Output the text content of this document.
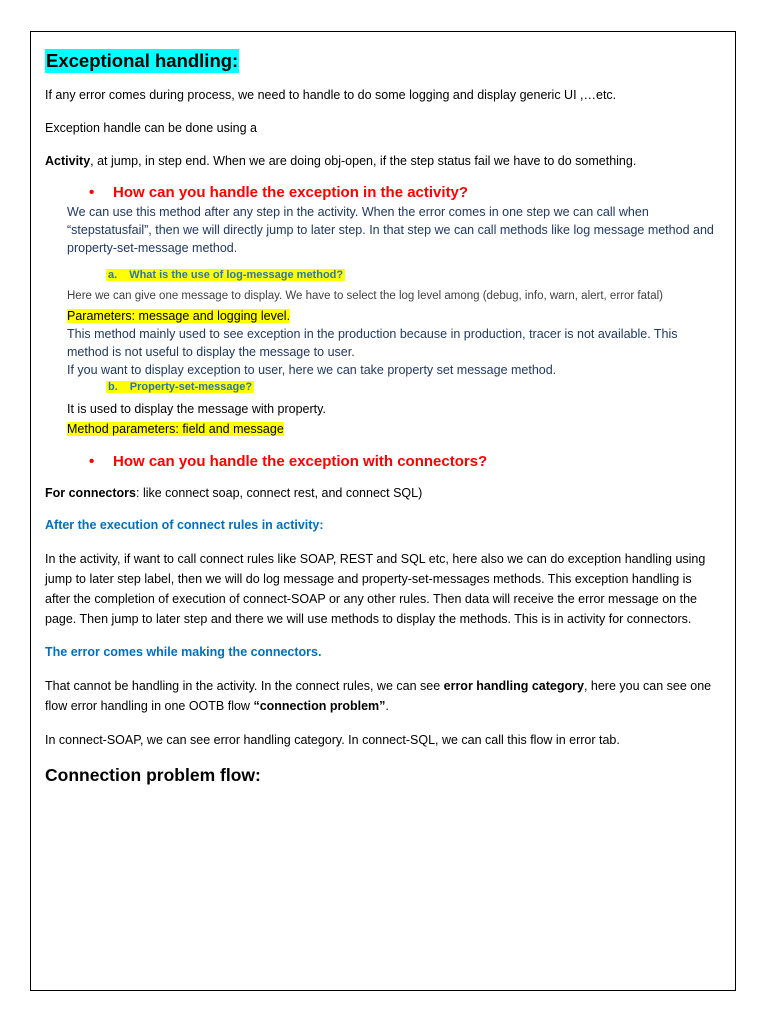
Exceptional handling:

If any error comes during process, we need to handle to do some logging and display generic UI ,…etc.

Exception handle can be done using a

Activity, at jump, in step end. When we are doing obj-open, if the step status fail we have to do something.

•	How can you handle the exception in the activity?

We can use this method after any step in the activity. When the error comes in one step we can call when “stepstatusfail”, then we will directly jump to later step. In that step we can call methods like log message method and property-set-message method.

a. What is the use of log-message method?

Here we can give one message to display. We have to select the log level among (debug, info, warn, alert, error fatal)

Parameters: message and logging level.

This method mainly used to see exception in the production because in production, tracer is not available. This method is not useful to display the message to user.

If you want to display exception to user, here we can take property set message method.

b. Property-set-message?

It is used to display the message with property.

Method parameters: field and message

•	How can you handle the exception with connectors?

For connectors: like connect soap, connect rest, and connect SQL)

After the execution of connect rules in activity:

In the activity, if want to call connect rules like SOAP, REST and SQL etc, here also we can do exception handling using jump to later step label, then we will do log message and property-set-messages methods. This exception handling is after the completion of execution of connect-SOAP or any other rules. Then data will receive the error message on the page. Then jump to later step and there we will use methods to display the methods. This is in activity for connectors.

The error comes while making the connectors.

That cannot be handling in the activity. In the connect rules, we can see error handling category, here you can see one flow error handling in one OOTB flow “connection problem”.

In connect-SOAP, we can see error handling category. In connect-SQL, we can call this flow in error tab.

Connection problem flow:
